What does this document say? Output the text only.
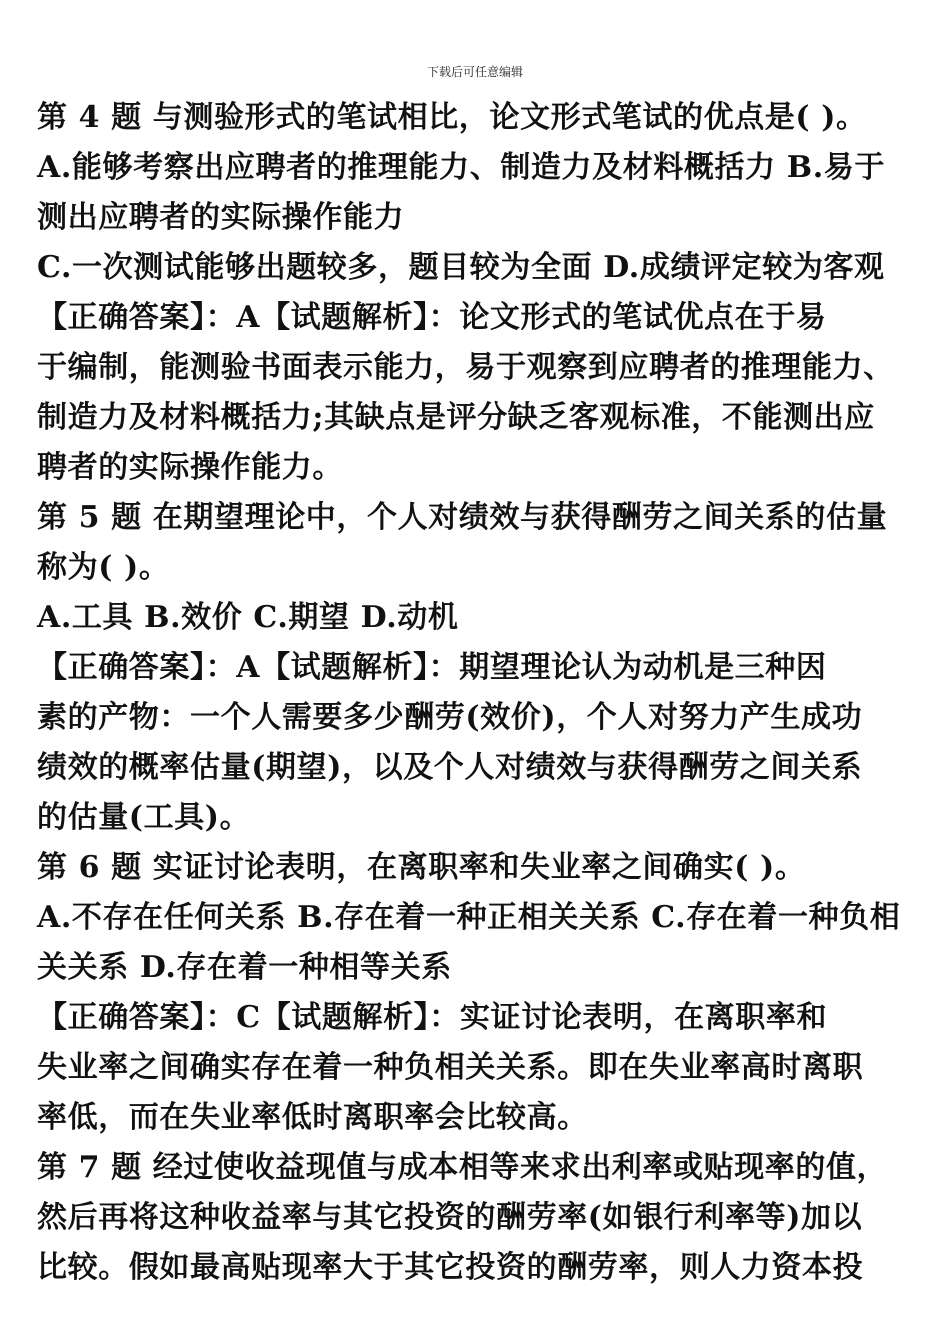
下载后可任意编辑
第 4 题 与测验形式的笔试相比，论文形式笔试的优点是( )。
A.能够考察出应聘者的推理能力、制造力及材料概括力 B.易于
测出应聘者的实际操作能力
C.一次测试能够出题较多，题目较为全面 D.成绩评定较为客观
【正确答案】：A【试题解析】：论文形式的笔试优点在于易
于编制，能测验书面表示能力，易于观察到应聘者的推理能力、
制造力及材料概括力;其缺点是评分缺乏客观标准，不能测出应
聘者的实际操作能力。
第 5 题 在期望理论中，个人对绩效与获得酬劳之间关系的估量
称为( )。
A.工具 B.效价 C.期望 D.动机
【正确答案】：A【试题解析】：期望理论认为动机是三种因
素的产物：一个人需要多少酬劳(效价)，个人对努力产生成功
绩效的概率估量(期望)，以及个人对绩效与获得酬劳之间关系
的估量(工具)。
第 6 题 实证讨论表明，在离职率和失业率之间确实( )。
A.不存在任何关系 B.存在着一种正相关关系 C.存在着一种负相
关关系 D.存在着一种相等关系
【正确答案】：C【试题解析】：实证讨论表明，在离职率和
失业率之间确实存在着一种负相关关系。即在失业率高时离职
率低，而在失业率低时离职率会比较高。
第 7 题 经过使收益现值与成本相等来求出利率或贴现率的值，
然后再将这种收益率与其它投资的酬劳率(如银行利率等)加以
比较。假如最高贴现率大于其它投资的酬劳率，则人力资本投
